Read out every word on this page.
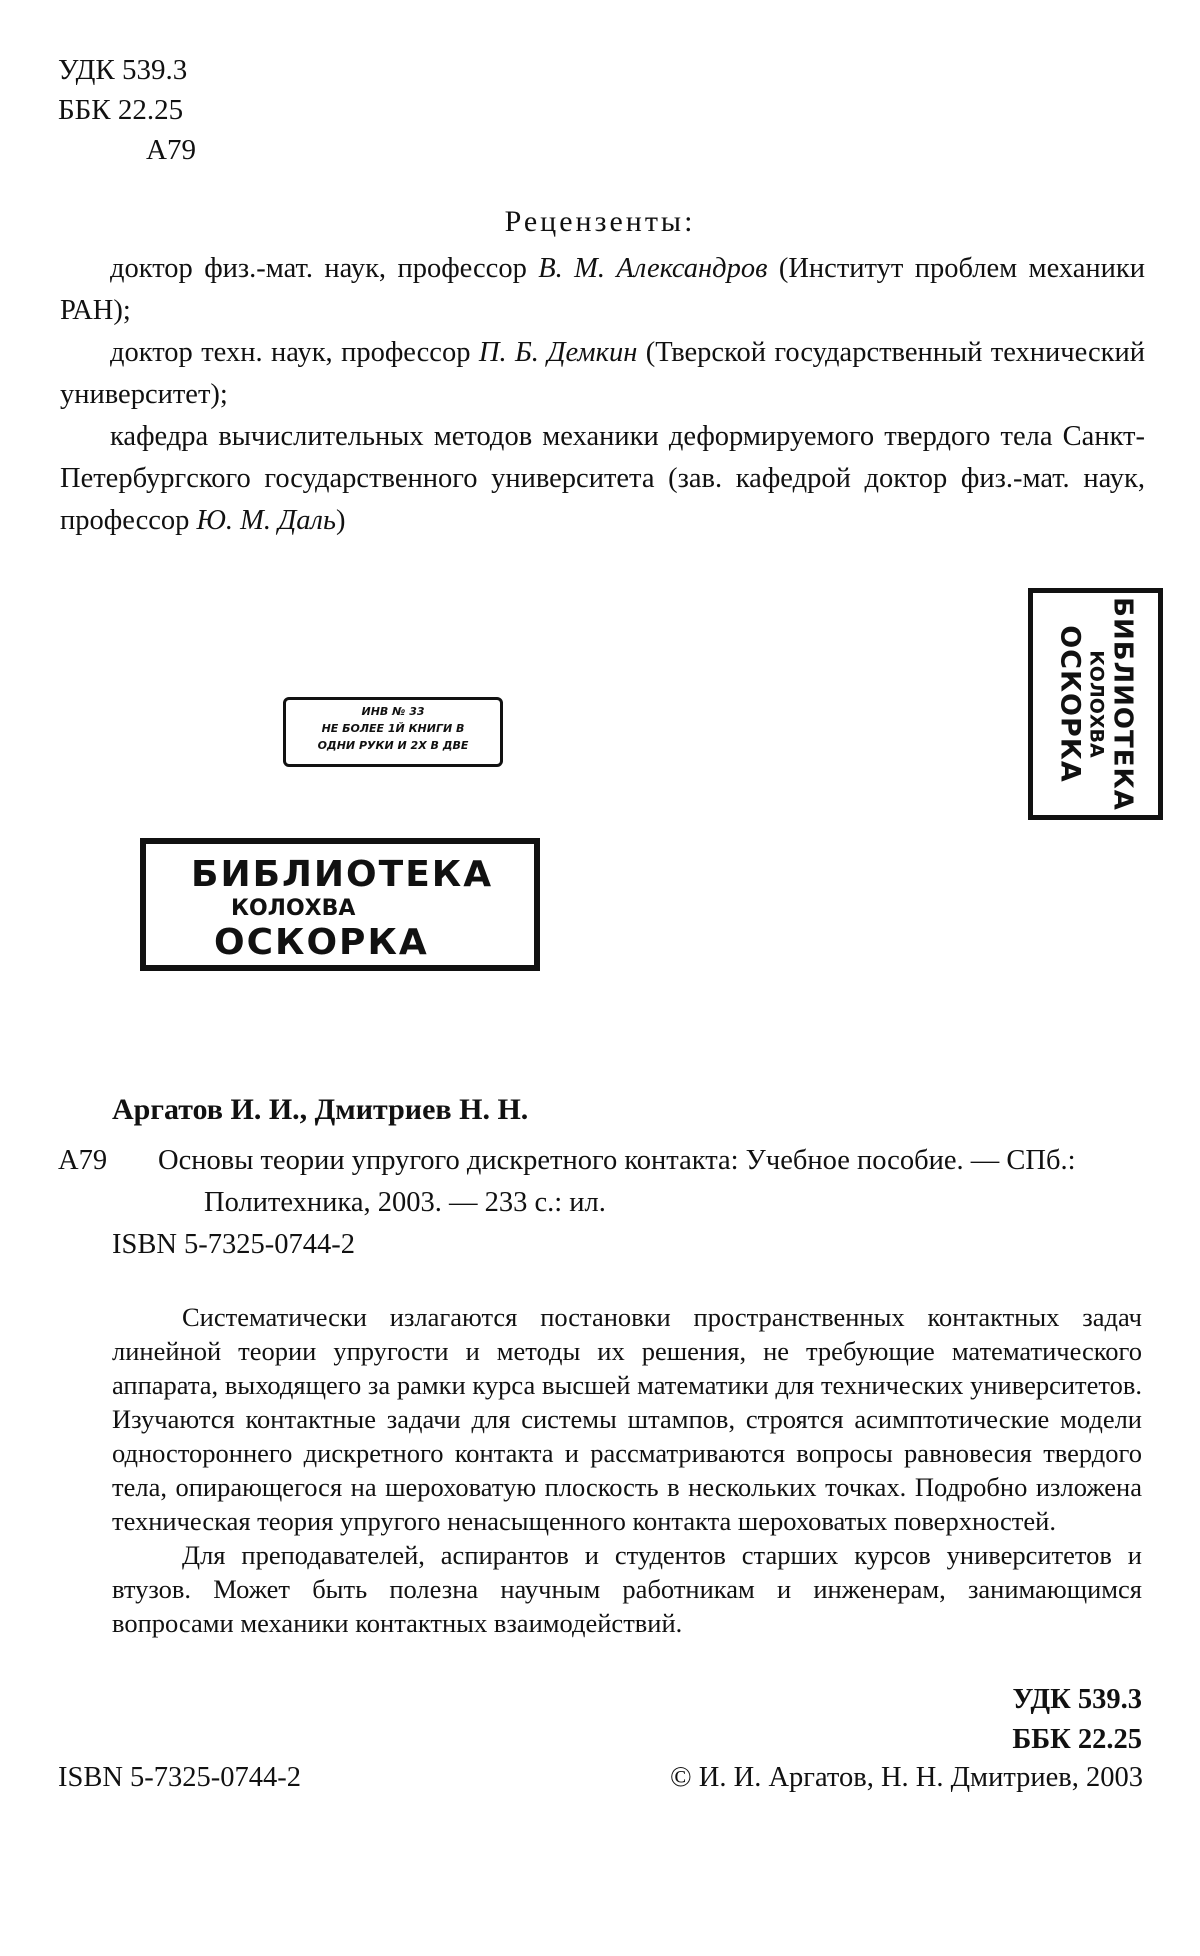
УДК 539.3
ББК 22.25
A79
Рецензенты:

доктор физ.-мат. наук, профессор В. М. Александров (Институт проблем механики РАН);

доктор техн. наук, профессор П. Б. Демкин (Тверской государственный технический университет);

кафедра вычислительных методов механики деформируемого твердого тела Санкт-Петербургского государственного университета (зав. кафедрой доктор физ.-мат. наук, профессор Ю. М. Даль)

БИБЛИОТЕКА
КОЛОХВА
ОСКОРКА
ИНВ № 33
НЕ БОЛЕЕ 1Й КНИГИ В
ОДНИ РУКИ И 2Х В ДВЕ
БИБЛИОТЕКА
КОЛОХВА
ОСКОРКА
Аргатов И. И., Дмитриев Н. Н.
А79	Основы теории упругого дискретного контакта: Учебное пособие. — СПб.: Политехника, 2003. — 233 с.: ил.
ISBN 5-7325-0744-2

Систематически излагаются постановки пространственных контактных задач линейной теории упругости и методы их решения, не требующие математического аппарата, выходящего за рамки курса высшей математики для технических университетов. Изучаются контактные задачи для системы штампов, строятся асимптотические модели одностороннего дискретного контакта и рассматриваются вопросы равновесия твердого тела, опирающегося на шероховатую плоскость в нескольких точках. Подробно изложена техническая теория упругого ненасыщенного контакта шероховатых поверхностей.

Для преподавателей, аспирантов и студентов старших курсов университетов и втузов. Может быть полезна научным работникам и инженерам, занимающимся вопросами механики контактных взаимодействий.

УДК 539.3
ББК 22.25
ISBN 5-7325-0744-2	© И. И. Аргатов, Н. Н. Дмитриев, 2003
